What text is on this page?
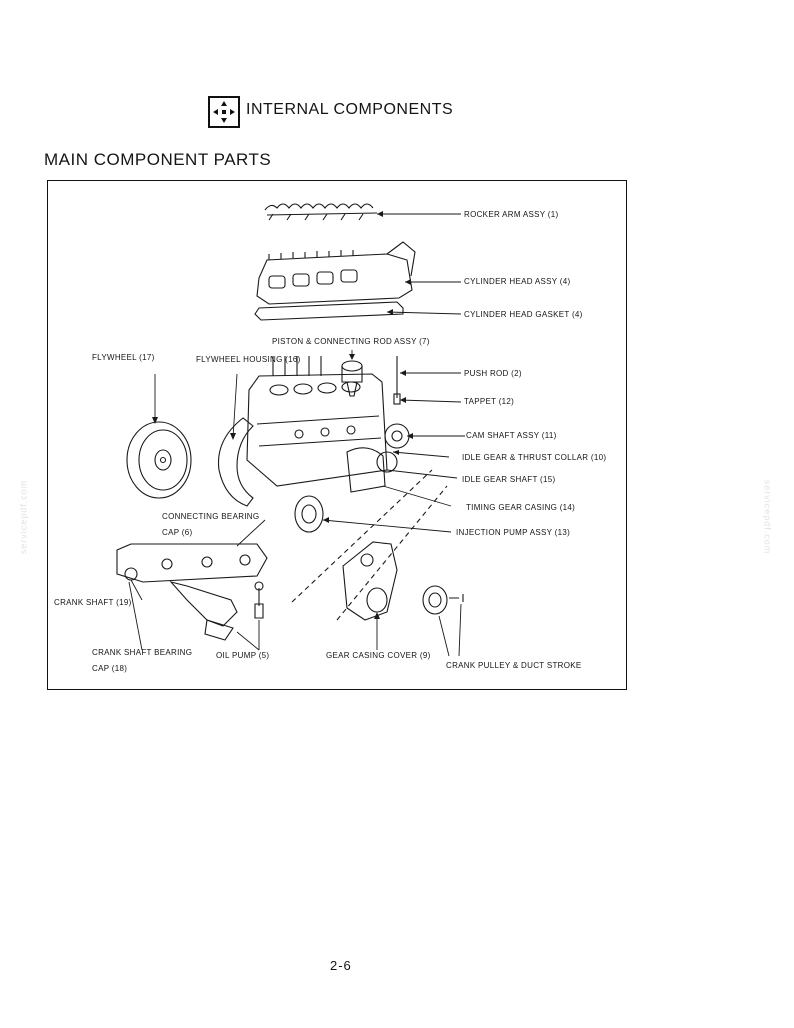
INTERNAL COMPONENTS
MAIN COMPONENT PARTS
ROCKER ARM ASSY (1)
CYLINDER HEAD ASSY (4)
CYLINDER HEAD GASKET (4)
PISTON & CONNECTING ROD ASSY (7)
FLYWHEEL (17)	FLYWHEEL HOUSING (16)
PUSH ROD (2)
TAPPET (12)
CAM SHAFT ASSY (11)
IDLE GEAR & THRUST COLLAR (10)
IDLE GEAR SHAFT (15)
TIMING GEAR CASING (14)
INJECTION PUMP ASSY (13)
CONNECTING BEARING
CAP (6)
CRANK SHAFT (19)
CRANK SHAFT BEARING
CAP (18)
OIL PUMP (5)	GEAR CASING COVER (9)
CRANK PULLEY & DUCT STROKE
servicepdf.com	servicepdf.com
2-6
